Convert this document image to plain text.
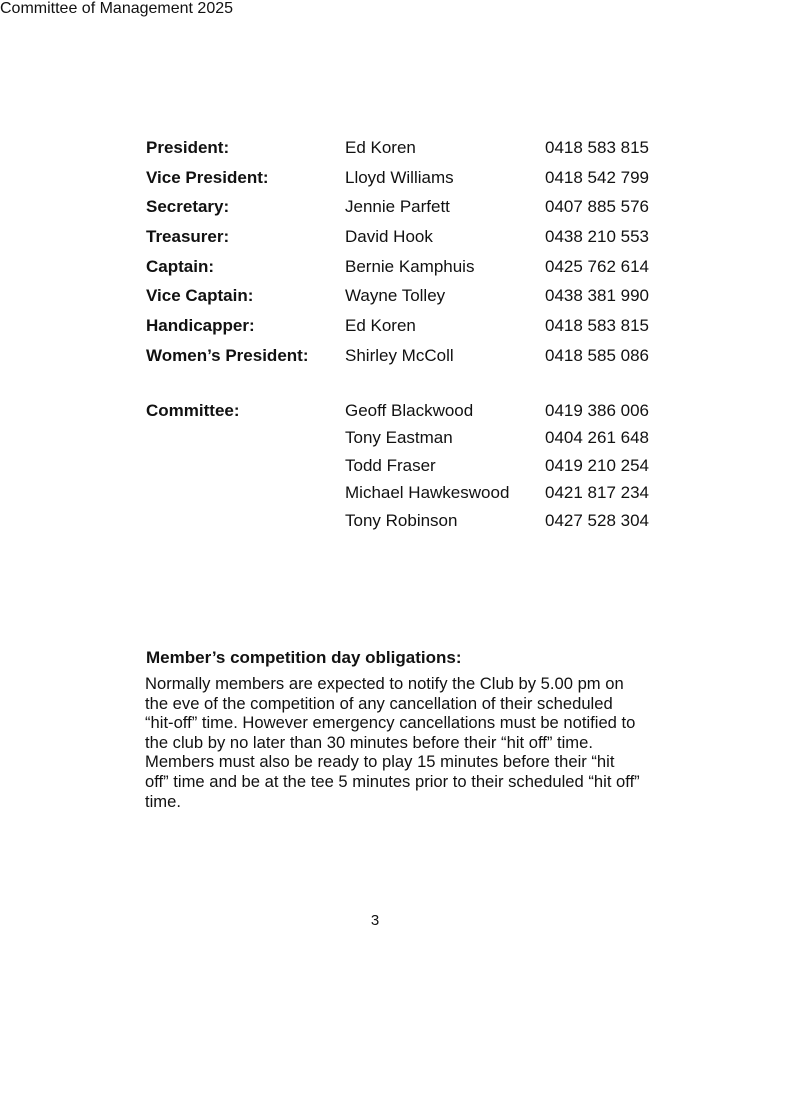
Committee of Management 2025
President:	Ed Koren	0418 583 815
Vice President:	Lloyd Williams	0418 542 799
Secretary:	Jennie Parfett	0407 885 576
Treasurer:	David Hook	0438 210 553
Captain:	Bernie Kamphuis	0425 762 614
Vice Captain:	Wayne Tolley	0438 381 990
Handicapper:	Ed Koren	0418 583 815
Women’s President: Shirley McColl	0418 585 086
Committee:	Geoff Blackwood	0419 386 006
Tony Eastman	0404 261 648
Todd Fraser	0419 210 254
Michael Hawkeswood 0421 817 234
Tony Robinson	0427 528 304
Member’s competition day obligations:
Normally members are expected to notify the Club by 5.00 pm on
the eve of the competition of any cancellation of their scheduled
“hit-off” time. However emergency cancellations must be notified to
the club by no later than 30 minutes before their “hit off” time.
Members must also be ready to play 15 minutes before their “hit
off” time and be at the tee 5 minutes prior to their scheduled “hit off”
time.
3
